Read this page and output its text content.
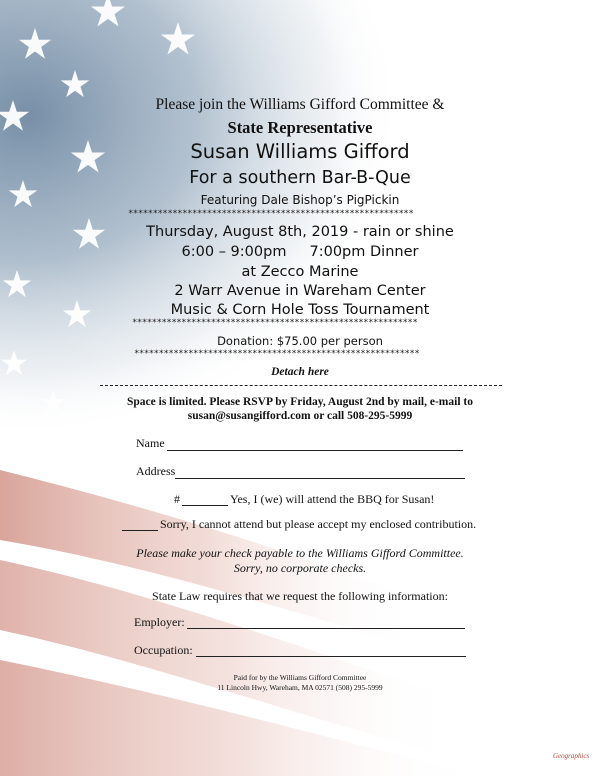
Please join the Williams Gifford Committee &
State Representative
Susan Williams Gifford
For a southern Bar-B-Que
Featuring Dale Bishop’s PigPickin
**********************************************************
Thursday, August 8th, 2019 - rain or shine
6:00 – 9:00pm     7:00pm Dinner
at Zecco Marine
2 Warr Avenue in Wareham Center
Music & Corn Hole Toss Tournament
**********************************************************
Donation: $75.00 per person
**********************************************************
Detach here
Space is limited. Please RSVP by Friday, August 2nd by mail, e-mail to
susan@susangifford.com or call 508-295-5999
Name
Address
#	Yes, I (we) will attend the BBQ for Susan!
Sorry, I cannot attend but please accept my enclosed contribution.
Please make your check payable to the Williams Gifford Committee.
Sorry, no corporate checks.
State Law requires that we request the following information:
Employer:
Occupation:
Paid for by the Williams Gifford Committee
11 Lincoln Hwy, Wareham, MA 02571 (508) 295-5999
Geographics
